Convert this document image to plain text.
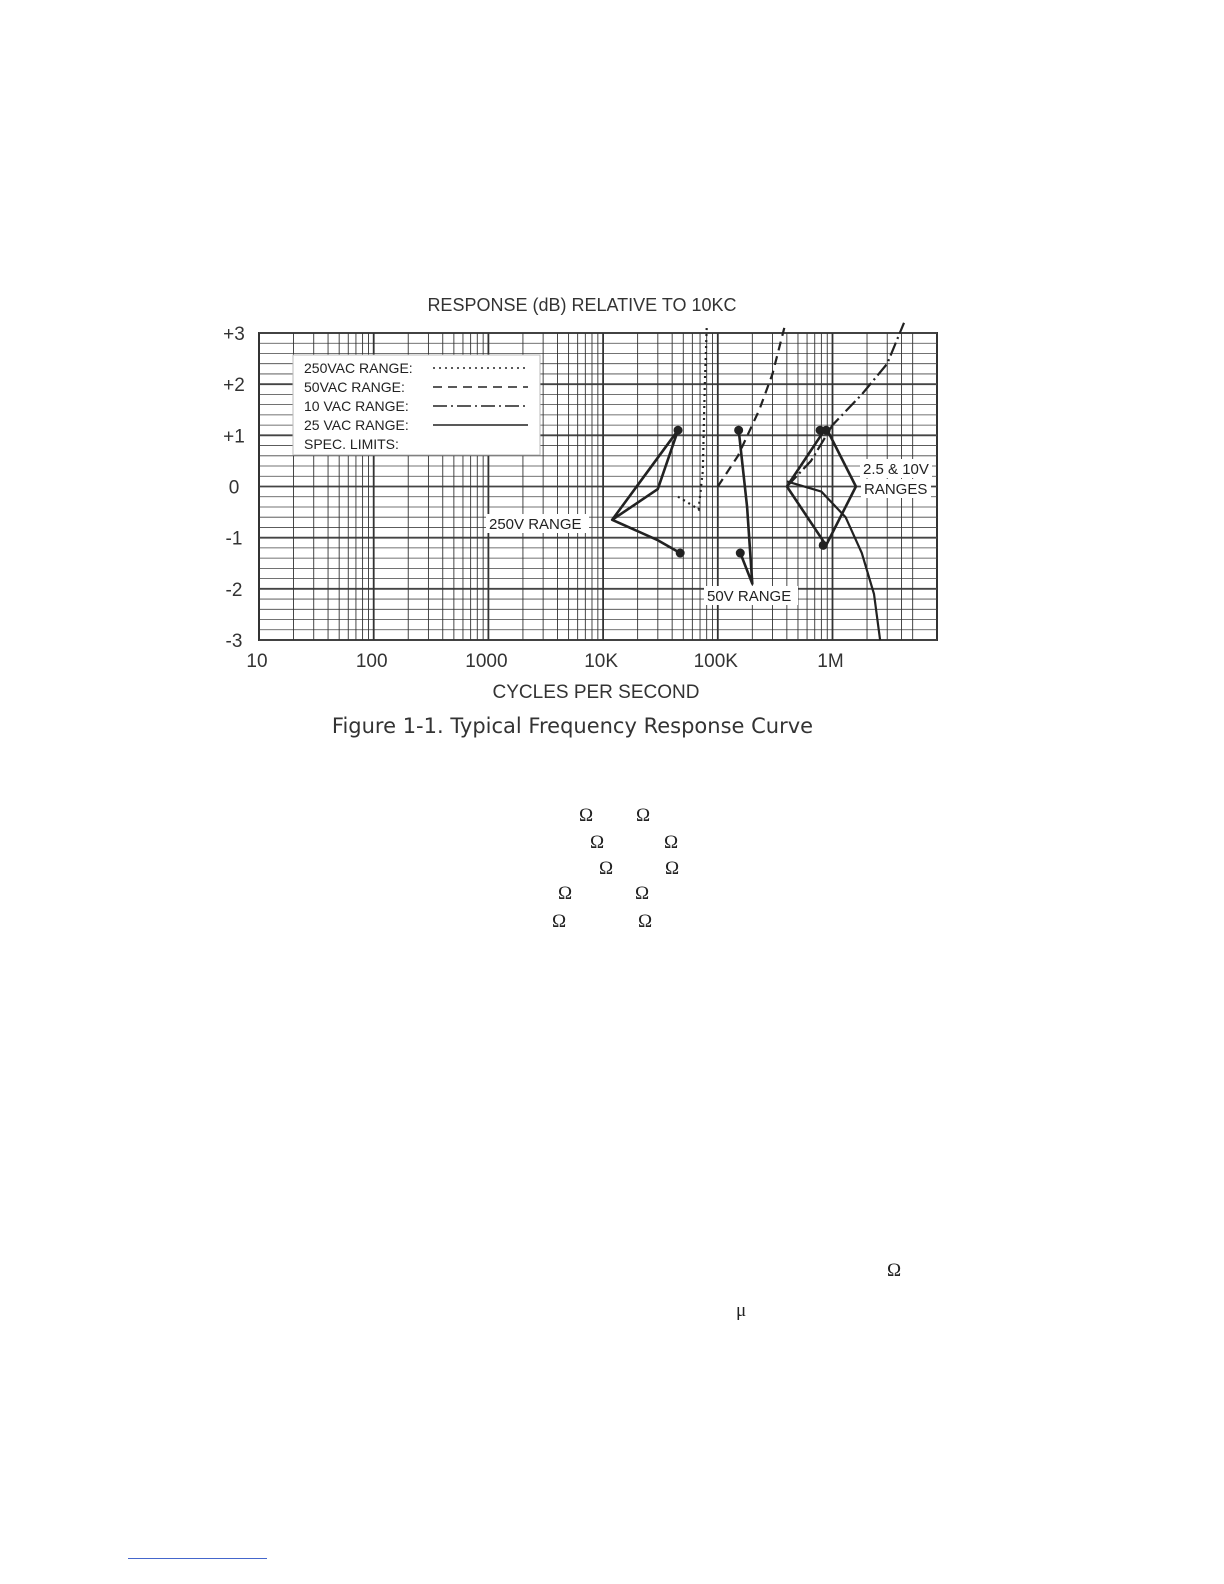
RESPONSE (dB) RELATIVE TO 10KC
250VAC RANGE:
50VAC RANGE:
10 VAC RANGE:
25 VAC RANGE:
SPEC. LIMITS:
250V RANGE
50V RANGE
2.5 & 10V
RANGES
10	100	1000	10K	100K	1M
+3
+2
+1
0
-1
-2
-3
CYCLES PER SECOND
Figure 1-1. Typical Frequency Response Curve
Ω Ω
Ω	Ω
Ω	Ω
Ω	Ω
Ω	Ω
Ω
μ
